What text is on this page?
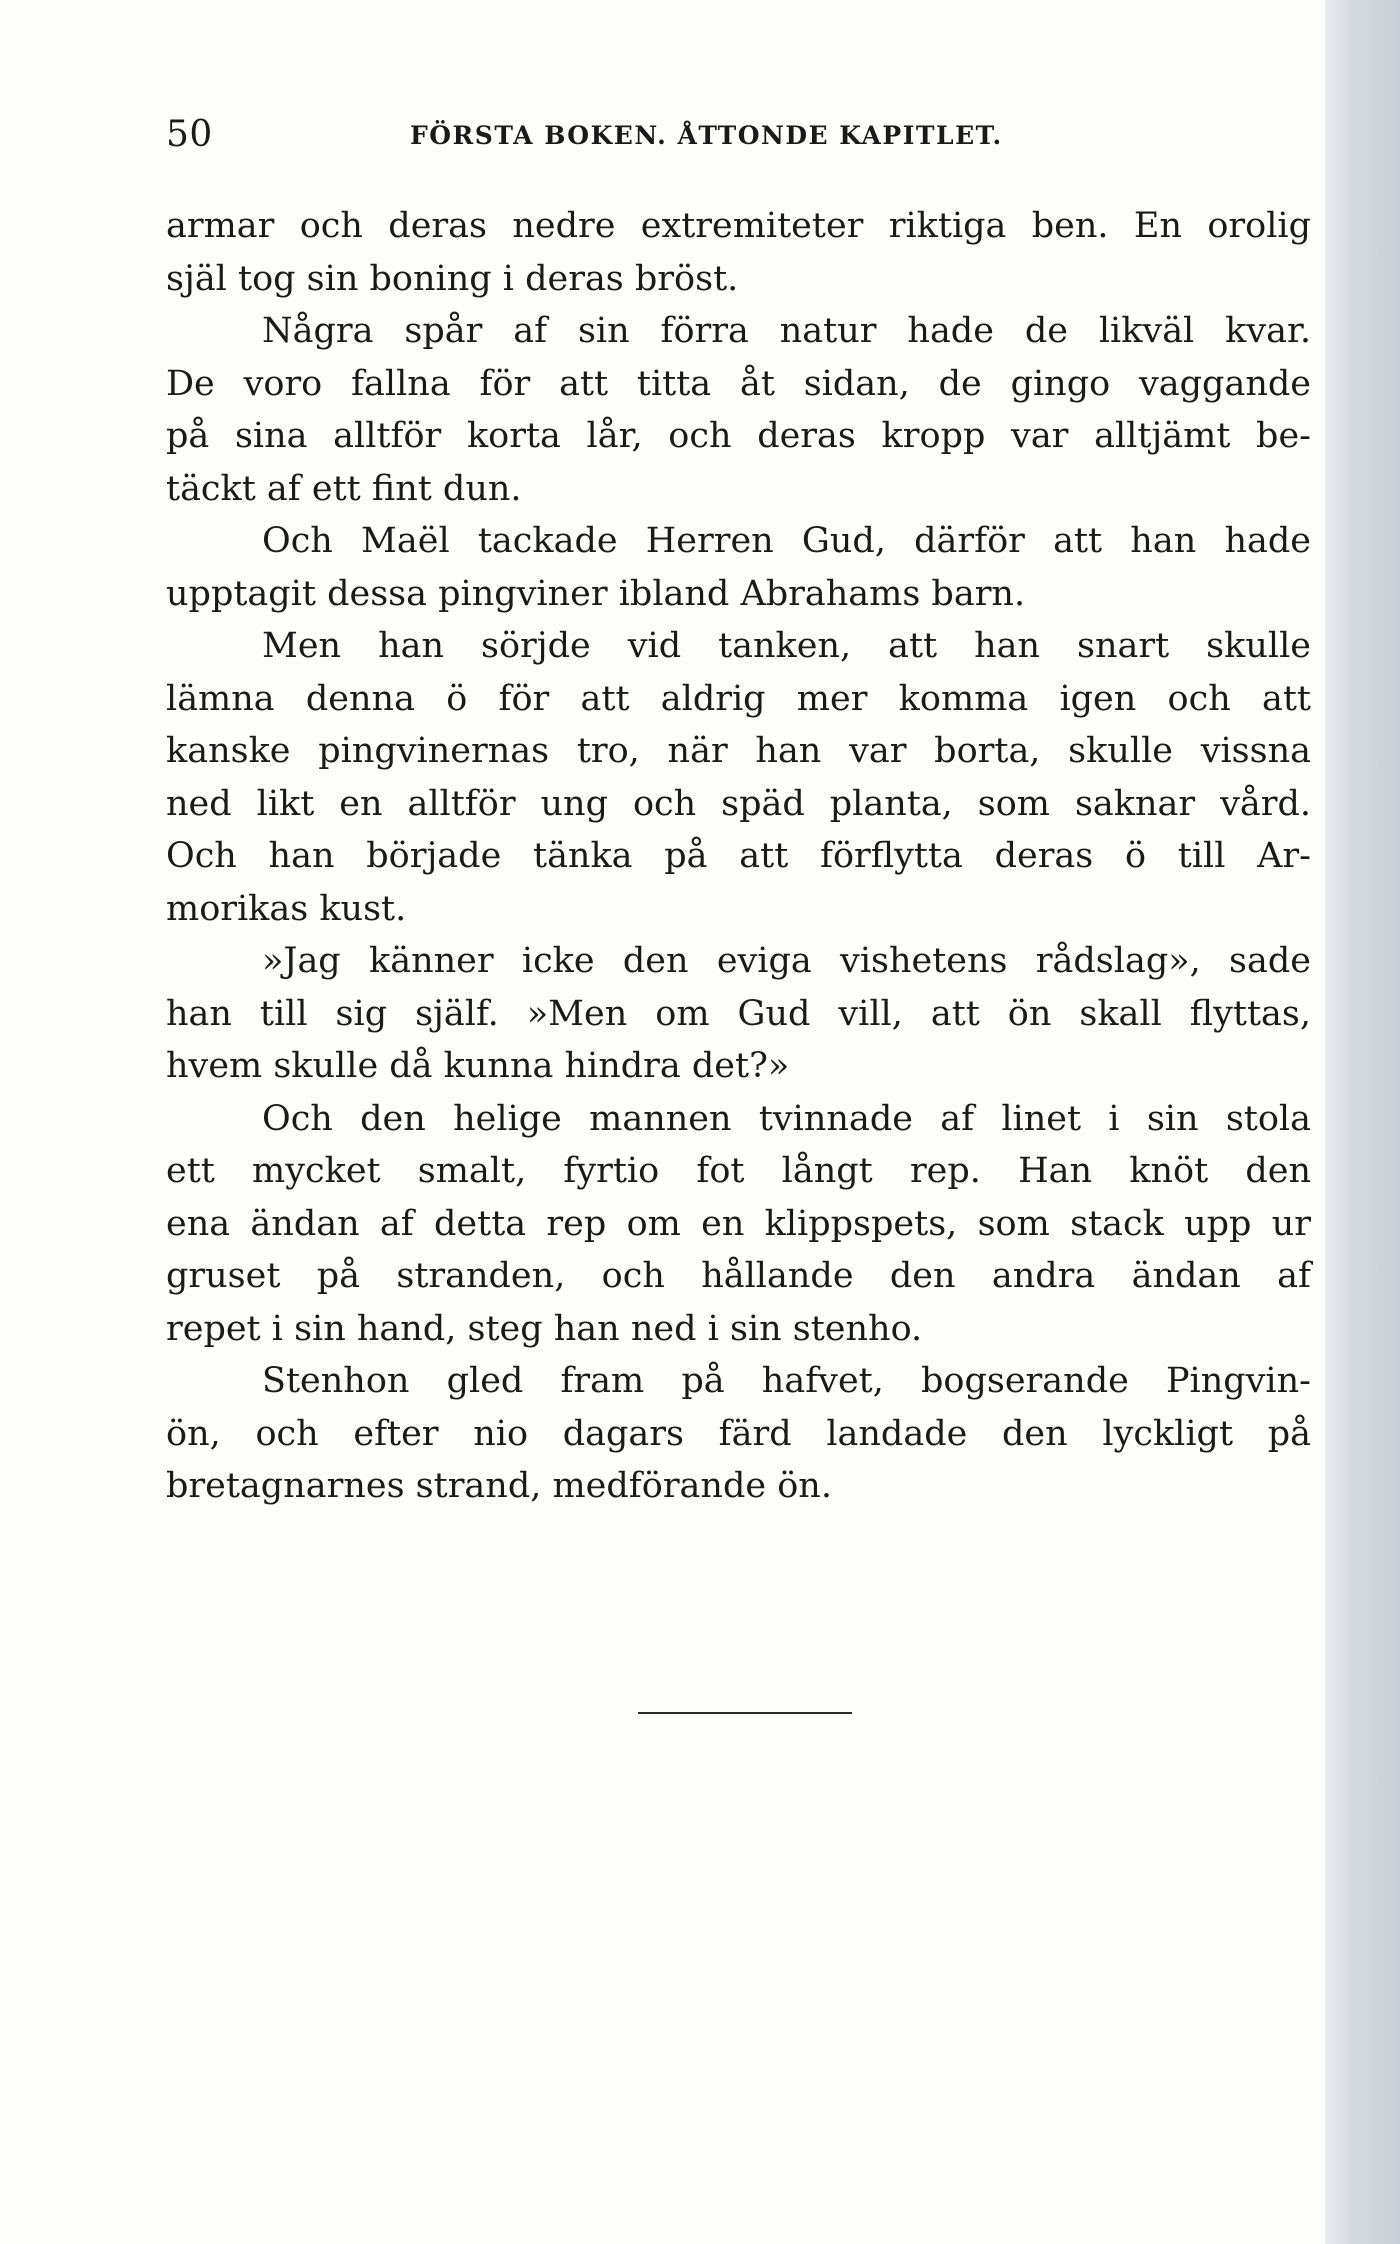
50	FÖRSTA BOKEN. ÅTTONDE KAPITLET.
armar och deras nedre extremiteter riktiga ben. En orolig
själ tog sin boning i deras bröst.
Några spår af sin förra natur hade de likväl kvar.
De voro fallna för att titta åt sidan, de gingo vaggande
på sina alltför korta lår, och deras kropp var alltjämt be-
täckt af ett fint dun.
Och Maël tackade Herren Gud, därför att han hade
upptagit dessa pingviner ibland Abrahams barn.
Men han sörjde vid tanken, att han snart skulle
lämna denna ö för att aldrig mer komma igen och att
kanske pingvinernas tro, när han var borta, skulle vissna
ned likt en alltför ung och späd planta, som saknar vård.
Och han började tänka på att förflytta deras ö till Ar-
morikas kust.
»Jag känner icke den eviga vishetens rådslag», sade
han till sig själf. »Men om Gud vill, att ön skall flyttas,
hvem skulle då kunna hindra det?»
Och den helige mannen tvinnade af linet i sin stola
ett mycket smalt, fyrtio fot långt rep. Han knöt den
ena ändan af detta rep om en klippspets, som stack upp ur
gruset på stranden, och hållande den andra ändan af
repet i sin hand, steg han ned i sin stenho.
Stenhon gled fram på hafvet, bogserande Pingvin-
ön, och efter nio dagars färd landade den lyckligt på
bretagnarnes strand, medförande ön.
